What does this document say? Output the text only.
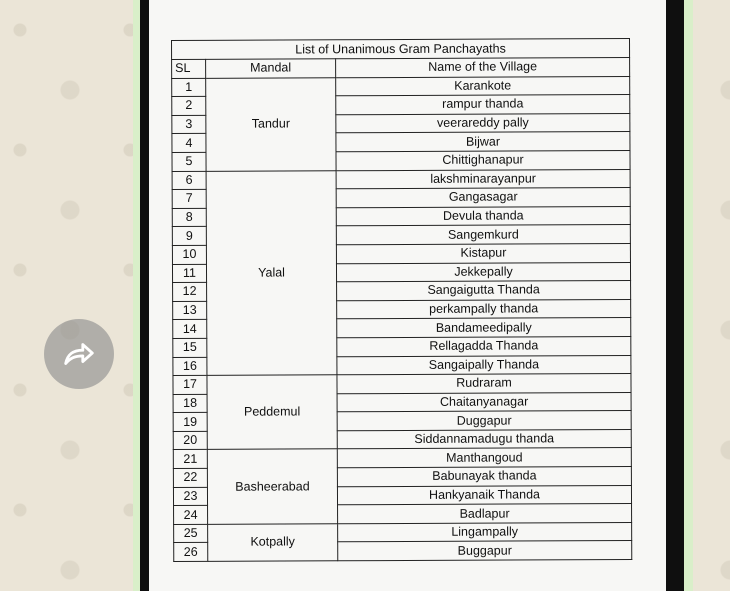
List of Unanimous Gram Panchayaths		
SL	Mandal	Name of the Village
1	Tandur	Karankote
2		rampur thanda
3		veerareddy pally
4		Bijwar
5		Chittighanapur
6	Yalal	lakshminarayanpur
7		Gangasagar
8		Devula thanda
9		Sangemkurd
10		Kistapur
11		Jekkepally
12		Sangaigutta Thanda
13		perkampally thanda
14		Bandameedipally
15		Rellagadda Thanda
16		Sangaipally Thanda
17	Peddemul	Rudraram
18		Chaitanyanagar
19		Duggapur
20		Siddannamadugu thanda
21	Basheerabad	Manthangoud
22		Babunayak thanda
23		Hankyanaik Thanda
24		Badlapur
25	Kotpally	Lingampally
26		Buggapur
